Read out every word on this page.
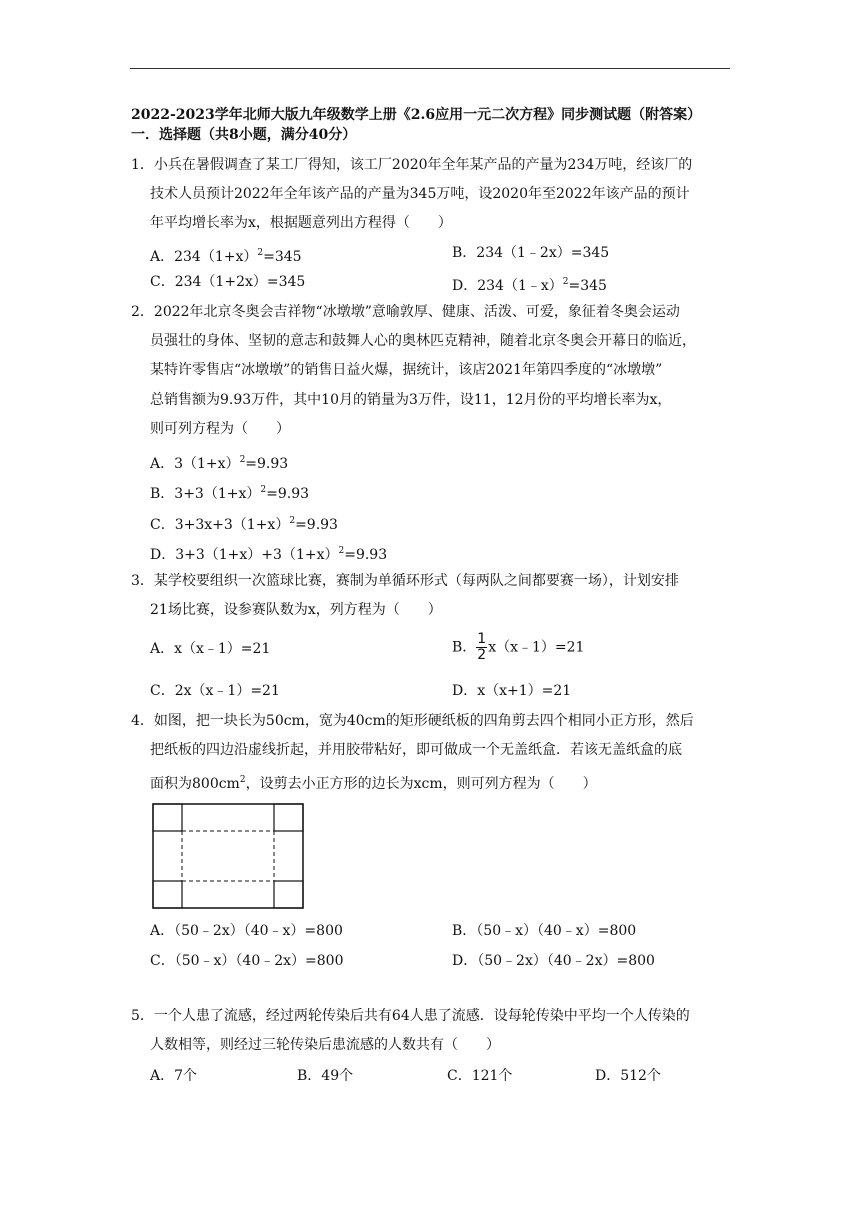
2022-2023学年北师大版九年级数学上册《2.6应用一元二次方程》同步测试题（附答案）
一．选择题（共8小题，满分40分）
1．小兵在暑假调查了某工厂得知，该工厂2020年全年某产品的产量为234万吨，经该厂的
技术人员预计2022年全年该产品的产量为345万吨，设2020年至2022年该产品的预计
年平均增长率为x，根据题意列出方程得（　　）
A．$234(1+x)^2=345$	B．234（1﹣2x）=345
C．234（1+2x）=345	D．234（1﹣x）$^2$=345
2．2022年北京冬奥会吉祥物“冰墩墩”意喻敦厚、健康、活泼、可爱，象征着冬奥会运动
员强壮的身体、坚韧的意志和鼓舞人心的奥林匹克精神，随着北京冬奥会开幕日的临近，
某特许零售店“冰墩墩”的销售日益火爆，据统计，该店2021年第四季度的“冰墩墩”
总销售额为9.93万件，其中10月的销量为3万件，设11，12月份的平均增长率为x，
则可列方程为（　　）
A．$3(1+x)^2=9.93$
B．$3+3(1+x)^2=9.93$
C．$3+3x+3(1+x)^2=9.93$
D．$3+3(1+x)+3(1+x)^2=9.93$
3．某学校要组织一次篮球比赛，赛制为单循环形式（每两队之间都要赛一场），计划安排
21场比赛，设参赛队数为x，列方程为（　　）
A．x（x﹣1）=21	B． $\frac{1}{2}$ x（x﹣1）=21
C．2x（x﹣1）=21	D．x（x+1）=21
4．如图，把一块长为50cm，宽为40cm的矩形硬纸板的四角剪去四个相同小正方形，然后
把纸板的四边沿虚线折起，并用胶带粘好，即可做成一个无盖纸盒．若该无盖纸盒的底
面积为$800cm^2$，设剪去小正方形的边长为xcm，则可列方程为（　　）
A．（50﹣2x）（40﹣x）=800	B．（50﹣x）（40﹣x）=800
C．（50﹣x）（40﹣2x）=800	D．（50﹣2x）（40﹣2x）=800
5．一个人患了流感，经过两轮传染后共有64人患了流感．设每轮传染中平均一个人传染的
人数相等，则经过三轮传染后患流感的人数共有（　　）
A．7个	B．49个	C．121个	D．512个
